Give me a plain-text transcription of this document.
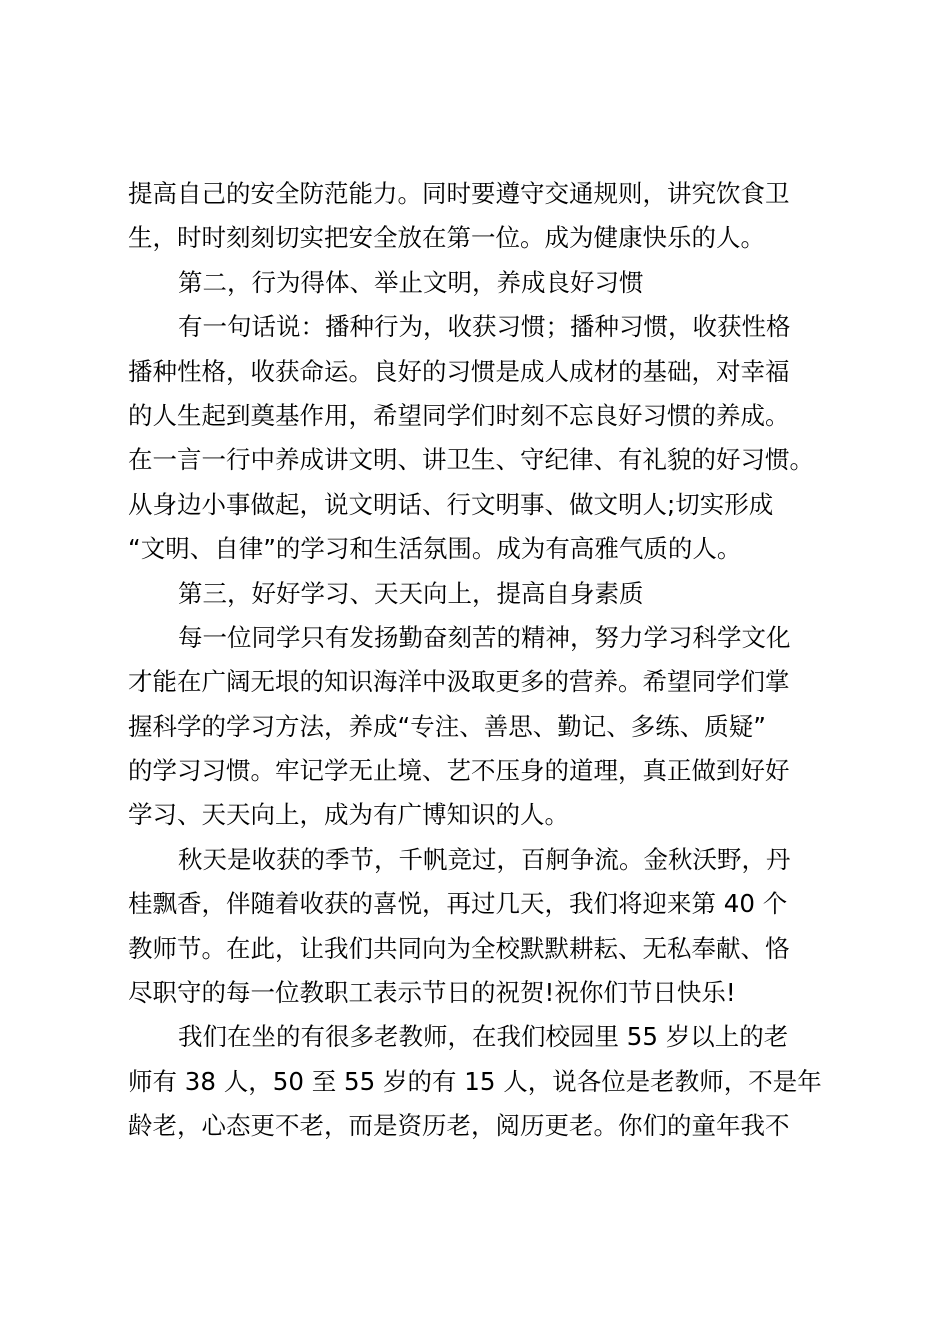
提高自己的安全防范能力。同时要遵守交通规则，讲究饮食卫
生，时时刻刻切实把安全放在第一位。成为健康快乐的人。
第二，行为得体、举止文明，养成良好习惯
有一句话说：播种行为，收获习惯；播种习惯，收获性格
播种性格，收获命运。良好的习惯是成人成材的基础，对幸福
的人生起到奠基作用，希望同学们时刻不忘良好习惯的养成。
在一言一行中养成讲文明、讲卫生、守纪律、有礼貌的好习惯。
从身边小事做起，说文明话、行文明事、做文明人;切实形成
“文明、自律”的学习和生活氛围。成为有高雅气质的人。
第三，好好学习、天天向上，提高自身素质
每一位同学只有发扬勤奋刻苦的精神，努力学习科学文化
才能在广阔无垠的知识海洋中汲取更多的营养。希望同学们掌
握科学的学习方法，养成“专注、善思、勤记、多练、质疑”
的学习习惯。牢记学无止境、艺不压身的道理，真正做到好好
学习、天天向上，成为有广博知识的人。
秋天是收获的季节，千帆竞过，百舸争流。金秋沃野，丹
桂飘香，伴随着收获的喜悦，再过几天，我们将迎来第 40 个
教师节。在此，让我们共同向为全校默默耕耘、无私奉献、恪
尽职守的每一位教职工表示节日的祝贺!祝你们节日快乐!
我们在坐的有很多老教师，在我们校园里 55 岁以上的老
师有 38 人，50 至 55 岁的有 15 人，说各位是老教师，不是年
龄老，心态更不老，而是资历老，阅历更老。你们的童年我不
